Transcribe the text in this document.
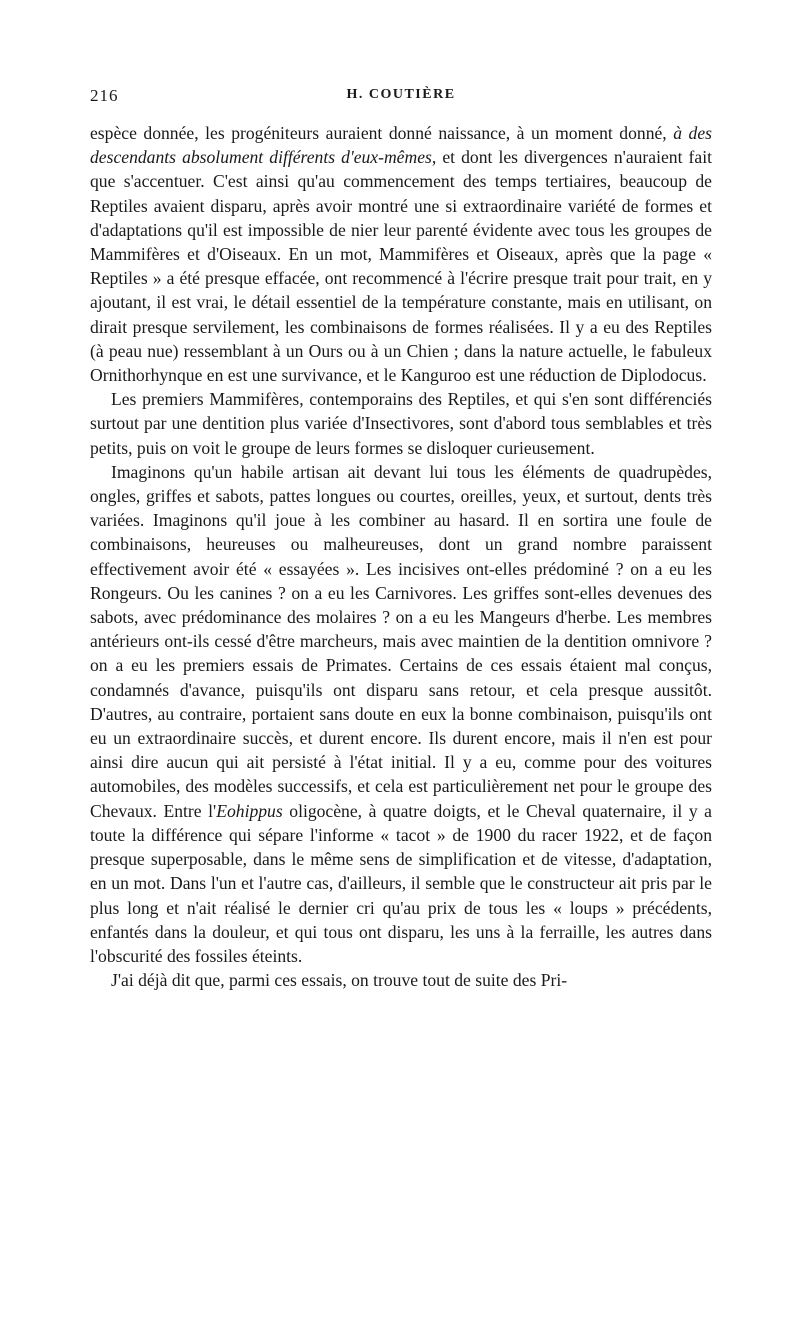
216	H. COUTIÈRE

espèce donnée, les progéniteurs auraient donné naissance, à un moment donné, à des descendants absolument différents d'eux-mêmes, et dont les divergences n'auraient fait que s'accentuer. C'est ainsi qu'au commencement des temps tertiaires, beaucoup de Reptiles avaient disparu, après avoir montré une si extraordinaire variété de formes et d'adaptations qu'il est impossible de nier leur parenté évidente avec tous les groupes de Mammifères et d'Oiseaux. En un mot, Mammifères et Oiseaux, après que la page « Reptiles » a été presque effacée, ont recommencé à l'écrire presque trait pour trait, en y ajoutant, il est vrai, le détail essentiel de la température constante, mais en utilisant, on dirait presque servilement, les combinaisons de formes réalisées. Il y a eu des Reptiles (à peau nue) ressemblant à un Ours ou à un Chien ; dans la nature actuelle, le fabuleux Ornithorhynque en est une survivance, et le Kanguroo est une réduction de Diplodocus.

Les premiers Mammifères, contemporains des Reptiles, et qui s'en sont différenciés surtout par une dentition plus variée d'Insectivores, sont d'abord tous semblables et très petits, puis on voit le groupe de leurs formes se disloquer curieusement.

Imaginons qu'un habile artisan ait devant lui tous les éléments de quadrupèdes, ongles, griffes et sabots, pattes longues ou courtes, oreilles, yeux, et surtout, dents très variées. Imaginons qu'il joue à les combiner au hasard. Il en sortira une foule de combinaisons, heureuses ou malheureuses, dont un grand nombre paraissent effectivement avoir été « essayées ». Les incisives ont-elles prédominé ? on a eu les Rongeurs. Ou les canines ? on a eu les Carnivores. Les griffes sont-elles devenues des sabots, avec prédominance des molaires ? on a eu les Mangeurs d'herbe. Les membres antérieurs ont-ils cessé d'être marcheurs, mais avec maintien de la dentition omnivore ? on a eu les premiers essais de Primates. Certains de ces essais étaient mal conçus, condamnés d'avance, puisqu'ils ont disparu sans retour, et cela presque aussitôt. D'autres, au contraire, portaient sans doute en eux la bonne combinaison, puisqu'ils ont eu un extraordinaire succès, et durent encore. Ils durent encore, mais il n'en est pour ainsi dire aucun qui ait persisté à l'état initial. Il y a eu, comme pour des voitures automobiles, des modèles successifs, et cela est particulièrement net pour le groupe des Chevaux. Entre l'Eohippus oligocène, à quatre doigts, et le Cheval quaternaire, il y a toute la différence qui sépare l'informe « tacot » de 1900 du racer 1922, et de façon presque superposable, dans le même sens de simplification et de vitesse, d'adaptation, en un mot. Dans l'un et l'autre cas, d'ailleurs, il semble que le constructeur ait pris par le plus long et n'ait réalisé le dernier cri qu'au prix de tous les « loups » précédents, enfantés dans la douleur, et qui tous ont disparu, les uns à la ferraille, les autres dans l'obscurité des fossiles éteints.

J'ai déjà dit que, parmi ces essais, on trouve tout de suite des Pri-
